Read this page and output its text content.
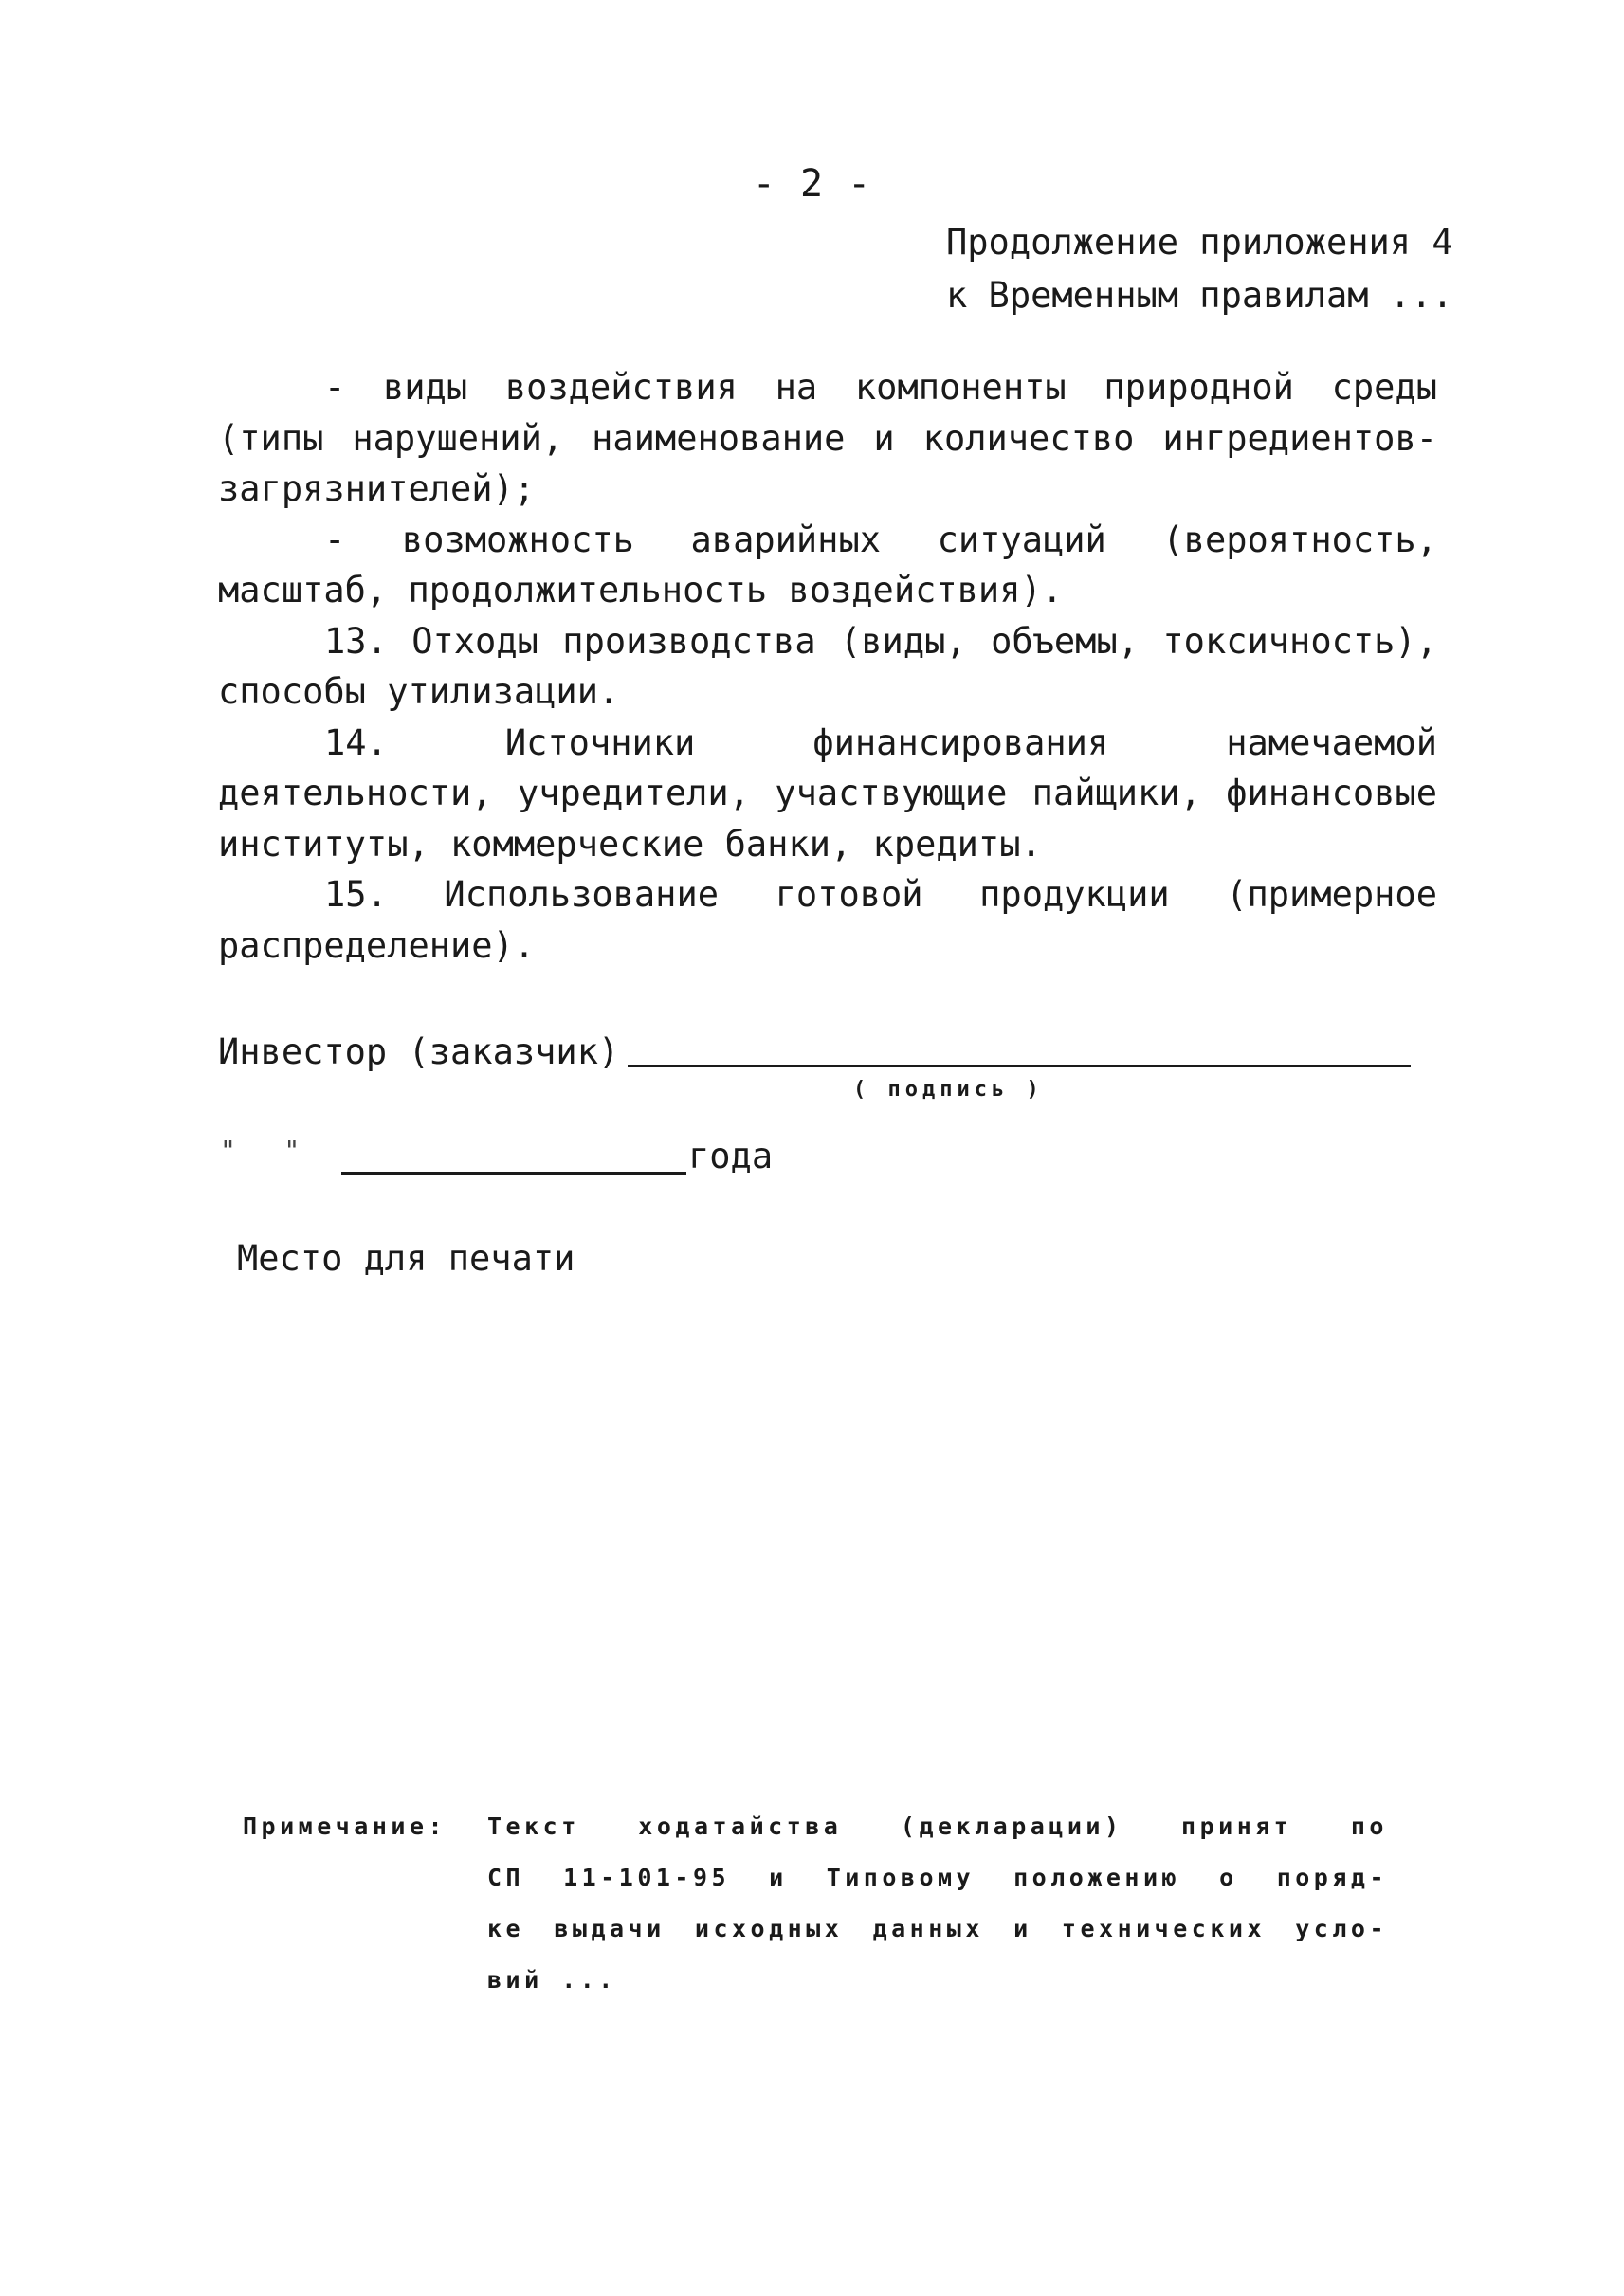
- 2 -
Продолжение приложения 4
к Временным правилам ...

- виды воздействия на компоненты природной среды (типы нарушений, наименование и количество ингредиентов-загрязнителей);

- возможность аварийных ситуаций (вероятность, масштаб, продолжительность воздействия).

13. Отходы производства (виды, объемы, токсичность), способы утилизации.

14. Источники финансирования намечаемой деятельности, учредители, участвующие пайщики, финансовые институты, коммерческие банки, кредиты.

15. Использование готовой продукции (примерное распределение).

Инвестор (заказчик)
( подпись )
"   "	года
Место для печати
Примечание: Текст ходатайства (декларации) принят по
СП 11-101-95 и Типовому положению о поряд-
ке выдачи исходных данных и технических усло-
вий ...
